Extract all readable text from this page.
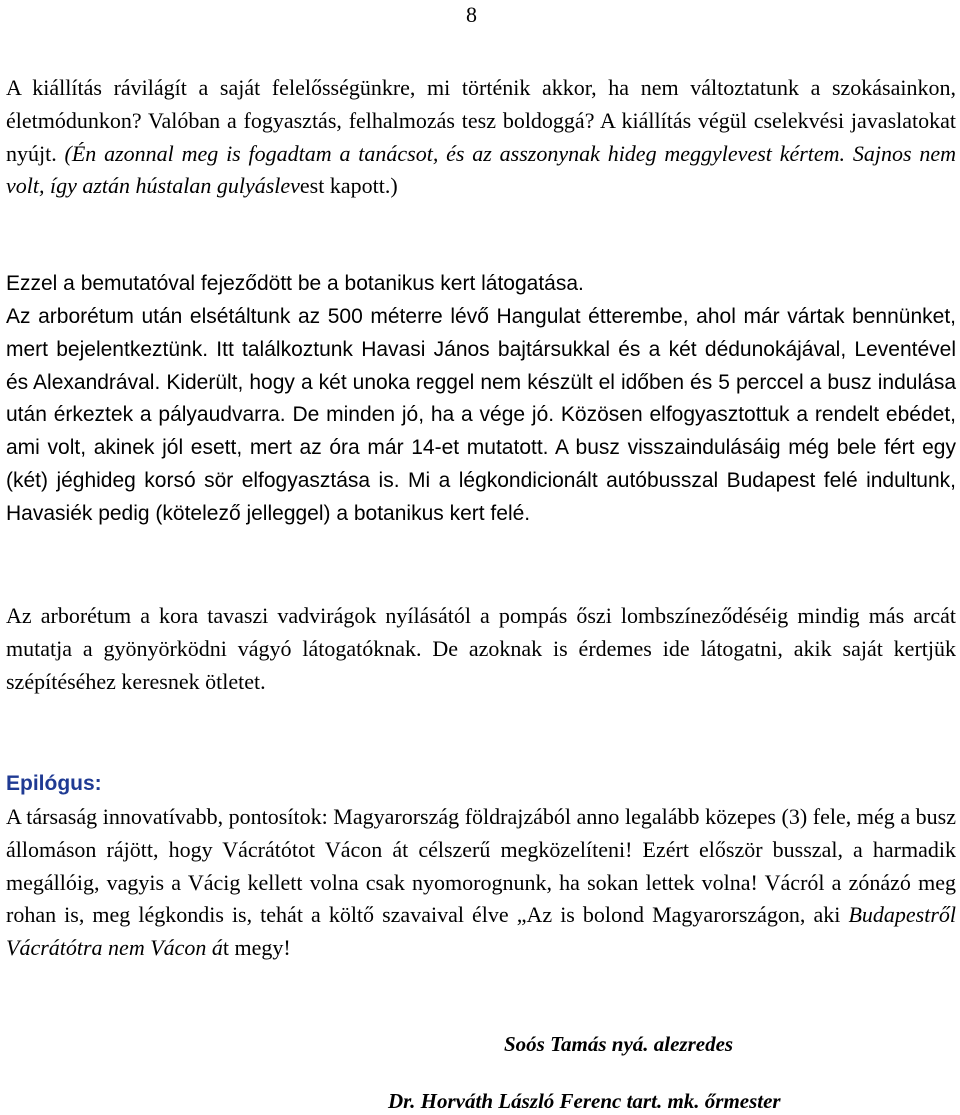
8
A kiállítás rávilágít a saját felelősségünkre, mi történik akkor, ha nem változtatunk a szokásainkon, életmódunkon? Valóban a fogyasztás, felhalmozás tesz boldoggá? A kiállítás végül cselekvési javaslatokat nyújt. (Én azonnal meg is fogadtam a tanácsot, és az asszonynak hideg meggylevest kértem. Sajnos nem volt, így aztán hústalan gulyáslevest kapott.)
Ezzel a bemutatóval fejeződött be a botanikus kert látogatása.
Az arborétum után elsétáltunk az 500 méterre lévő Hangulat étterembe, ahol már vártak bennünket, mert bejelentkeztünk. Itt találkoztunk Havasi János bajtársukkal és a két dédunokájával, Leventével és Alexandrával. Kiderült, hogy a két unoka reggel nem készült el időben és 5 perccel a busz indulása után érkeztek a pályaudvarra. De minden jó, ha a vége jó. Közösen elfogyasztottuk a rendelt ebédet, ami volt, akinek jól esett, mert az óra már 14-et mutatott. A busz visszaindulásáig még bele fért egy (két) jéghideg korsó sör elfogyasztása is. Mi a légkondicionált autóbusszal Budapest felé indultunk, Havasiék pedig (kötelező jelleggel) a botanikus kert felé.
Az arborétum a kora tavaszi vadvirágok nyílásától a pompás őszi lombszíneződéséig mindig más arcát mutatja a gyönyörködni vágyó látogatóknak. De azoknak is érdemes ide látogatni, akik saját kertjük szépítéséhez keresnek ötletet.
Epilógus:
A társaság innovatívabb, pontosítok: Magyarország földrajzából anno legalább közepes (3) fele, még a busz állomáson rájött, hogy Vácrátótot Vácon át célszerű megközelíteni! Ezért először busszal, a harmadik megállóig, vagyis a Vácig kellett volna csak nyomorognunk, ha sokan lettek volna! Vácról a zónázó meg rohan is, meg légkondis is, tehát a költő szavaival élve „Az is bolond Magyarországon, aki Budapestről Vácrátótra nem Vácon át megy!
Soós Tamás nyá. alezredes
Dr. Horváth László Ferenc tart. mk. őrmester
